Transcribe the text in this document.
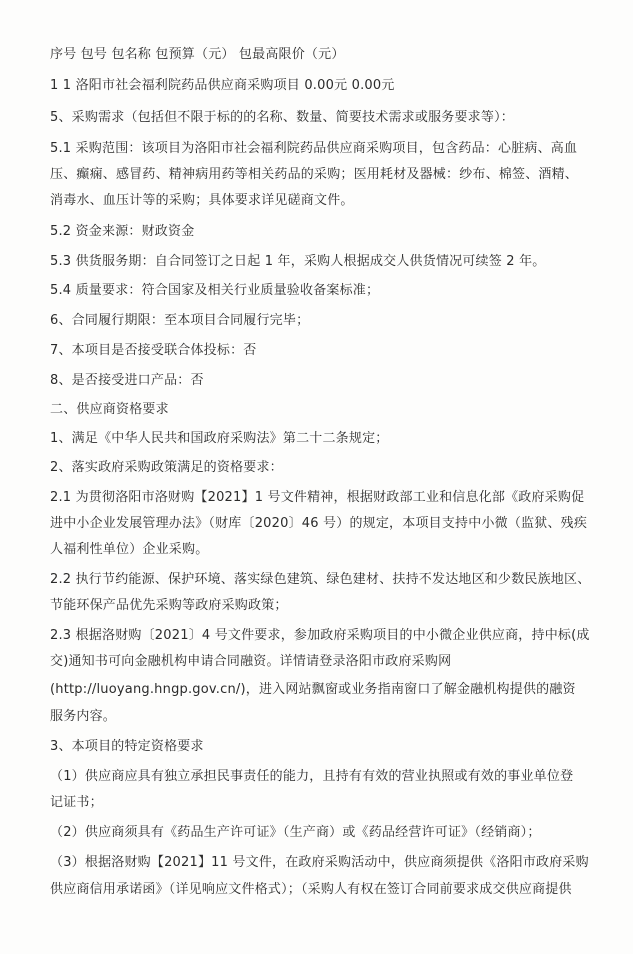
序号 包号 包名称 包预算（元） 包最高限价（元）
1 1 洛阳市社会福利院药品供应商采购项目 0.00元 0.00元
5、采购需求（包括但不限于标的的名称、数量、简要技术需求或服务要求等）：
5.1 采购范围：该项目为洛阳市社会福利院药品供应商采购项目，包含药品：心脏病、高血
压、癫痫、感冒药、精神病用药等相关药品的采购；医用耗材及器械：纱布、棉签、酒精、
消毒水、血压计等的采购；具体要求详见磋商文件。
5.2 资金来源：财政资金
5.3 供货服务期：自合同签订之日起 1 年，采购人根据成交人供货情况可续签 2 年。
5.4 质量要求：符合国家及相关行业质量验收备案标准；
6、合同履行期限：至本项目合同履行完毕；
7、本项目是否接受联合体投标：否
8、是否接受进口产品：否
二、供应商资格要求
1、满足《中华人民共和国政府采购法》第二十二条规定；
2、落实政府采购政策满足的资格要求：
2.1 为贯彻洛阳市洛财购【2021】1 号文件精神，根据财政部工业和信息化部《政府采购促
进中小企业发展管理办法》（财库〔2020〕46 号）的规定，本项目支持中小微（监狱、残疾
人福利性单位）企业采购。
2.2 执行节约能源、保护环境、落实绿色建筑、绿色建材、扶持不发达地区和少数民族地区、
节能环保产品优先采购等政府采购政策；
2.3 根据洛财购〔2021〕4 号文件要求，参加政府采购项目的中小微企业供应商，持中标(成
交)通知书可向金融机构申请合同融资。详情请登录洛阳市政府采购网
(http://luoyang.hngp.gov.cn/)，进入网站飘窗或业务指南窗口了解金融机构提供的融资
服务内容。
3、本项目的特定资格要求
（1）供应商应具有独立承担民事责任的能力，且持有有效的营业执照或有效的事业单位登
记证书；
（2）供应商须具有《药品生产许可证》（生产商）或《药品经营许可证》（经销商）；
（3）根据洛财购【2021】11 号文件，在政府采购活动中，供应商须提供《洛阳市政府采购
供应商信用承诺函》（详见响应文件格式）；（采购人有权在签订合同前要求成交供应商提供
